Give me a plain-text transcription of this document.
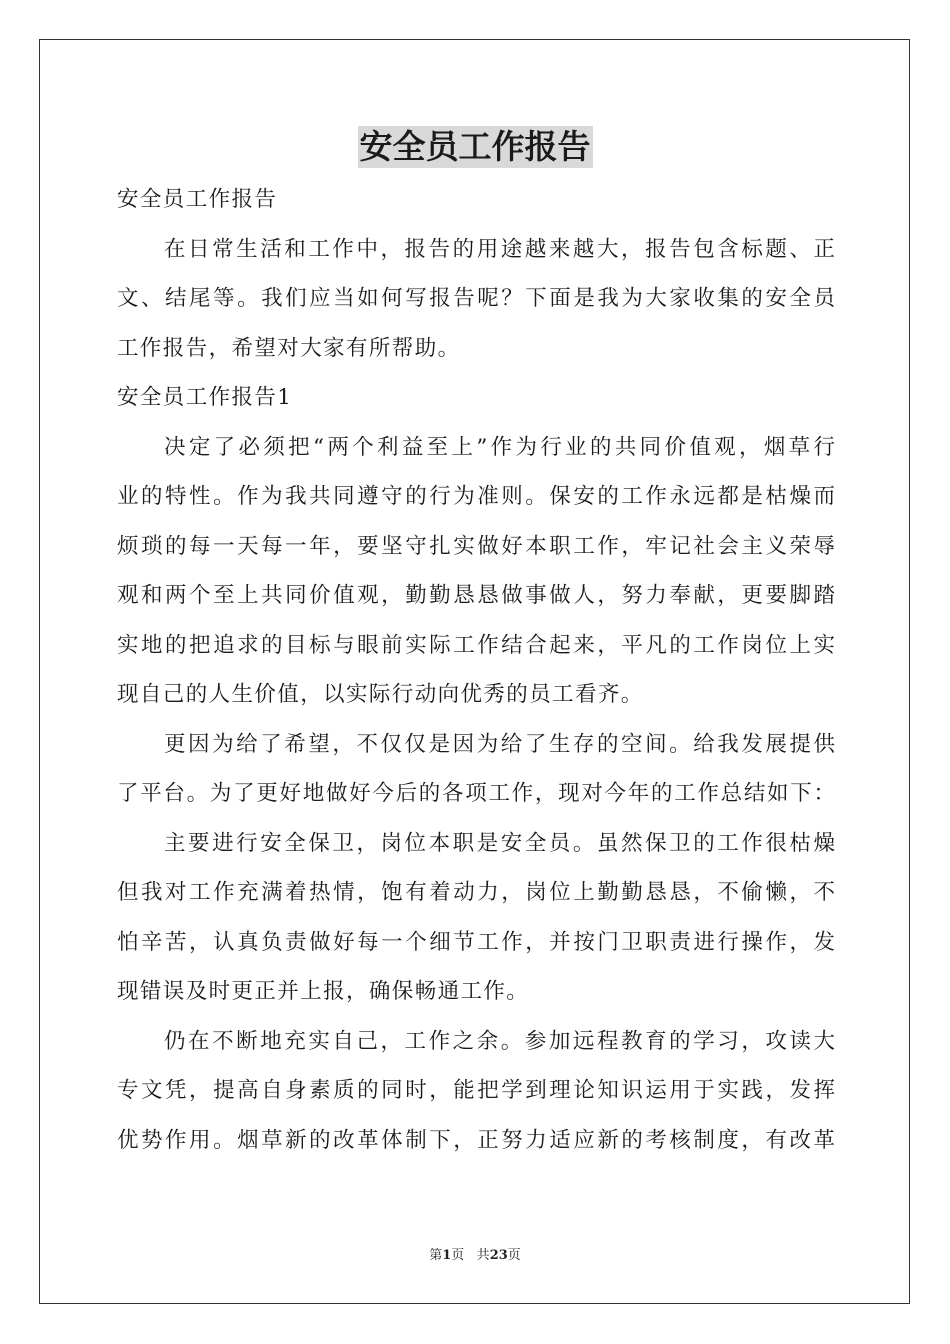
安全员工作报告
安全员工作报告
在日常生活和工作中，报告的用途越来越大，报告包含标题、正
文、结尾等。我们应当如何写报告呢？下面是我为大家收集的安全员
工作报告，希望对大家有所帮助。
安全员工作报告1
决定了必须把“两个利益至上”作为行业的共同价值观，烟草行
业的特性。作为我共同遵守的行为准则。保安的工作永远都是枯燥而
烦琐的每一天每一年，要坚守扎实做好本职工作，牢记社会主义荣辱
观和两个至上共同价值观，勤勤恳恳做事做人，努力奉献，更要脚踏
实地的把追求的目标与眼前实际工作结合起来，平凡的工作岗位上实
现自己的人生价值，以实际行动向优秀的员工看齐。
更因为给了希望，不仅仅是因为给了生存的空间。给我发展提供
了平台。为了更好地做好今后的各项工作，现对今年的工作总结如下：
主要进行安全保卫，岗位本职是安全员。虽然保卫的工作很枯燥
但我对工作充满着热情，饱有着动力，岗位上勤勤恳恳，不偷懒，不
怕辛苦，认真负责做好每一个细节工作，并按门卫职责进行操作，发
现错误及时更正并上报，确保畅通工作。
仍在不断地充实自己，工作之余。参加远程教育的学习，攻读大
专文凭，提高自身素质的同时，能把学到理论知识运用于实践，发挥
优势作用。烟草新的改革体制下，正努力适应新的考核制度，有改革
第1页 共23页
